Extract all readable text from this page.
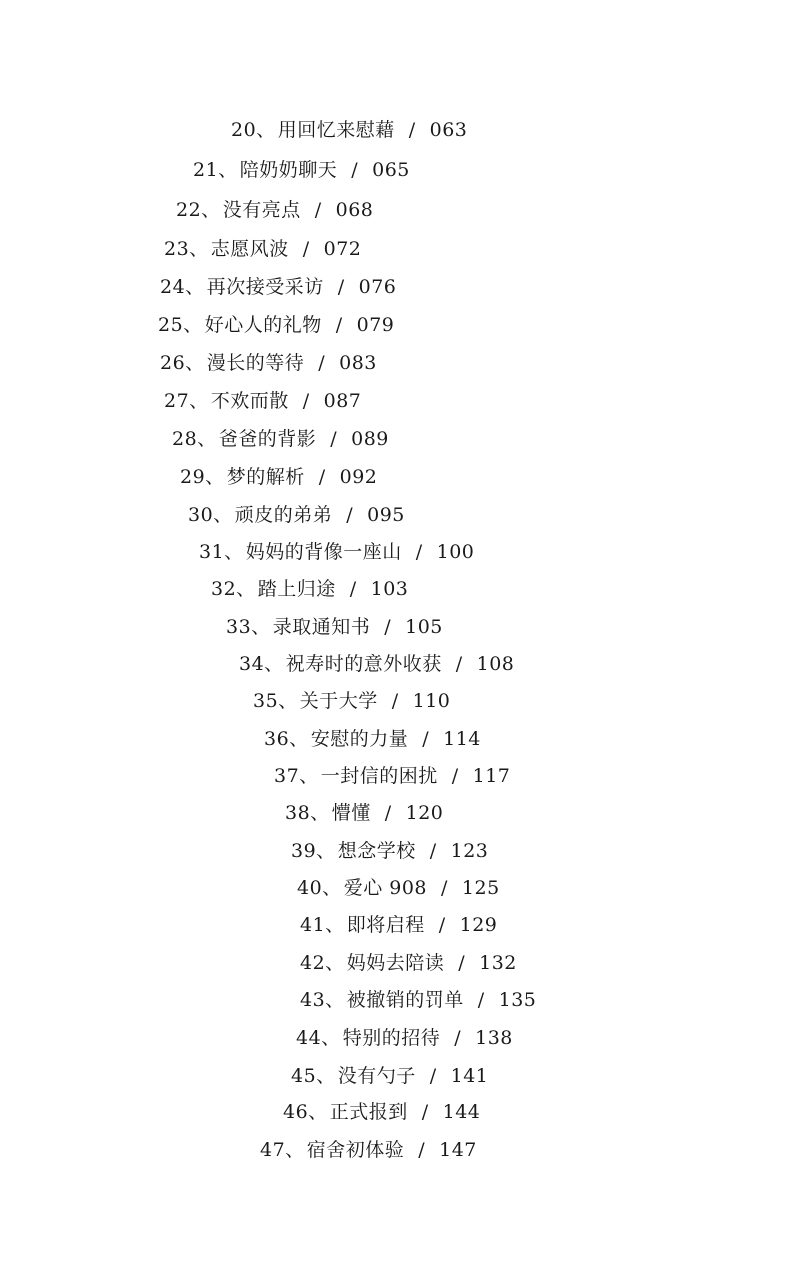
20、 用回忆来慰藉 / 063
21、 陪奶奶聊天 / 065
22、 没有亮点 / 068
23、 志愿风波 / 072
24、 再次接受采访 / 076
25、 好心人的礼物 / 079
26、 漫长的等待 / 083
27、 不欢而散 / 087
28、 爸爸的背影 / 089
29、 梦的解析 / 092
30、 顽皮的弟弟 / 095
31、 妈妈的背像一座山 / 100
32、 踏上归途 / 103
33、 录取通知书 / 105
34、 祝寿时的意外收获 / 108
35、 关于大学 / 110
36、 安慰的力量 / 114
37、 一封信的困扰 / 117
38、 懵懂 / 120
39、 想念学校 / 123
40、 爱心 908 / 125
41、 即将启程 / 129
42、 妈妈去陪读 / 132
43、 被撤销的罚单 / 135
44、 特别的招待 / 138
45、 没有勺子 / 141
46、 正式报到 / 144
47、 宿舍初体验 / 147
